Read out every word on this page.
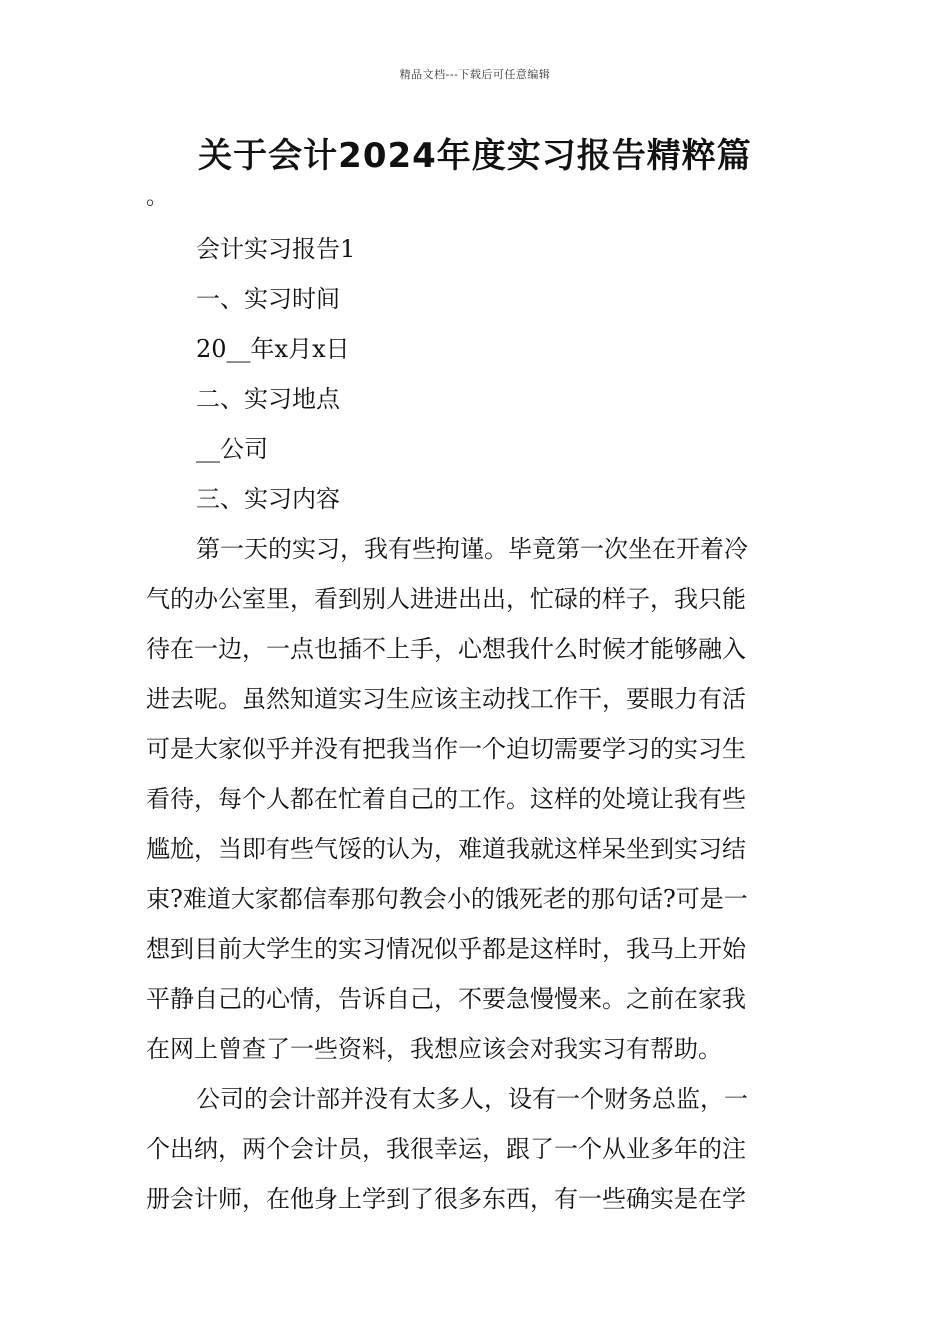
精品文档---下载后可任意编辑
关于会计2024年度实习报告精粹篇
。
会计实习报告1
一、实习时间
20__年x月x日
二、实习地点
__公司
三、实习内容
第一天的实习，我有些拘谨。毕竟第一次坐在开着冷
气的办公室里，看到别人进进出出，忙碌的样子，我只能
待在一边，一点也插不上手，心想我什么时候才能够融入
进去呢。虽然知道实习生应该主动找工作干，要眼力有活
可是大家似乎并没有把我当作一个迫切需要学习的实习生
看待，每个人都在忙着自己的工作。这样的处境让我有些
尴尬，当即有些气馁的认为，难道我就这样呆坐到实习结
束?难道大家都信奉那句教会小的饿死老的那句话?可是一
想到目前大学生的实习情况似乎都是这样时，我马上开始
平静自己的心情，告诉自己，不要急慢慢来。之前在家我
在网上曾查了一些资料，我想应该会对我实习有帮助。
公司的会计部并没有太多人，设有一个财务总监，一
个出纳，两个会计员，我很幸运，跟了一个从业多年的注
册会计师，在他身上学到了很多东西，有一些确实是在学
